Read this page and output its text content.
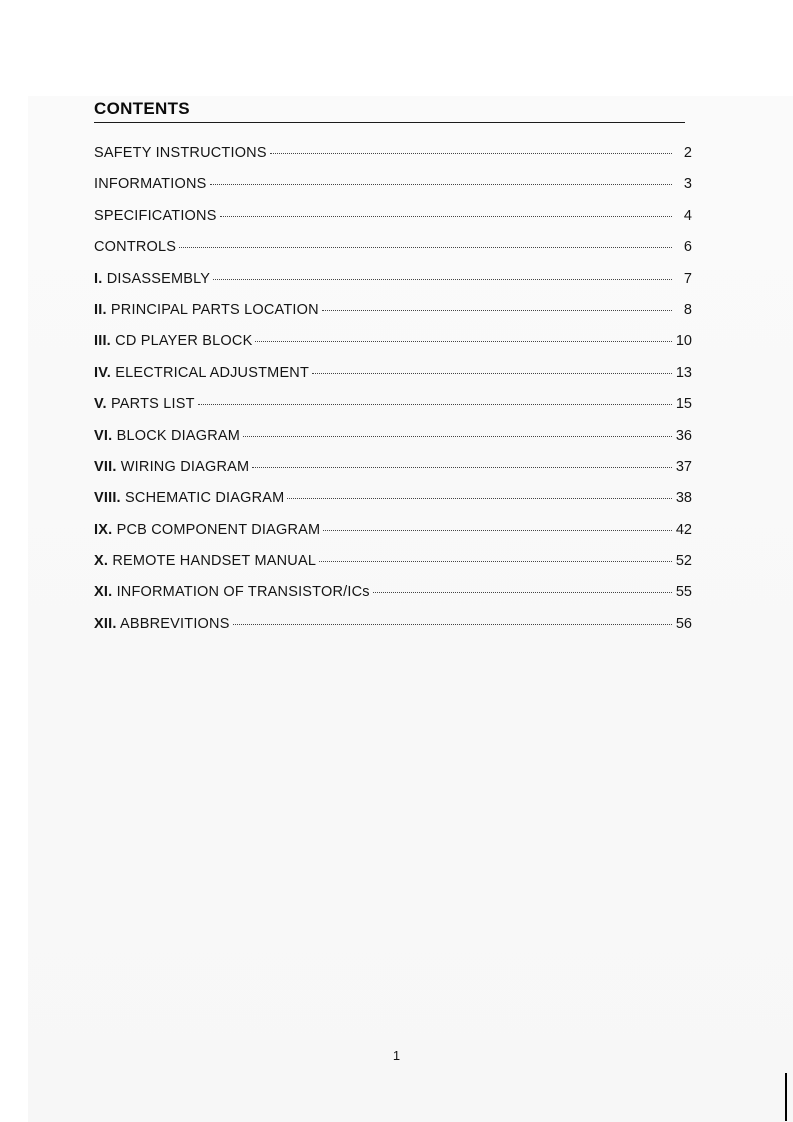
CONTENTS
SAFETY INSTRUCTIONS	2
INFORMATIONS	3
SPECIFICATIONS	4
CONTROLS	6
I. DISASSEMBLY	7
II. PRINCIPAL PARTS LOCATION	8
III. CD PLAYER BLOCK	10
IV. ELECTRICAL ADJUSTMENT	13
V. PARTS LIST	15
VI. BLOCK DIAGRAM	36
VII. WIRING DIAGRAM	37
VIII. SCHEMATIC DIAGRAM	38
IX. PCB COMPONENT DIAGRAM	42
X. REMOTE HANDSET MANUAL	52
XI. INFORMATION OF TRANSISTOR/ICs	55
XII. ABBREVITIONS	56
1
